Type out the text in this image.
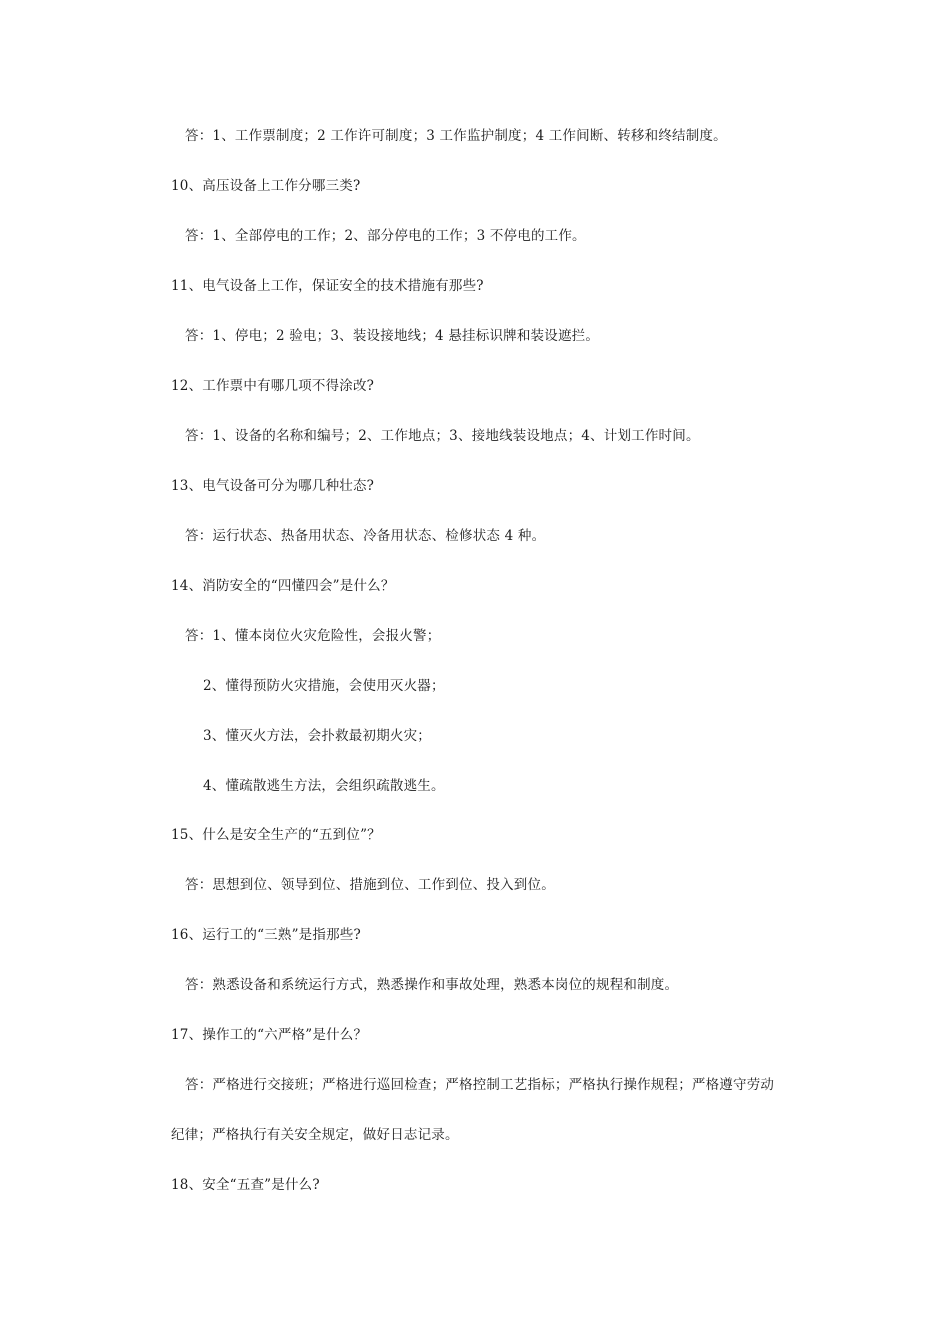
答：1、工作票制度；2 工作许可制度；3 工作监护制度；4 工作间断、转移和终结制度。
10、高压设备上工作分哪三类?
答：1、全部停电的工作；2、部分停电的工作；3 不停电的工作。
11、电气设备上工作，保证安全的技术措施有那些?
答：1、停电；2 验电；3、装设接地线；4 悬挂标识牌和装设遮拦。
12、工作票中有哪几项不得涂改?
答：1、设备的名称和编号；2、工作地点；3、接地线装设地点；4、计划工作时间。
13、电气设备可分为哪几种壮态?
答：运行状态、热备用状态、冷备用状态、检修状态 4 种。
14、消防安全的“四懂四会”是什么？
答：1、懂本岗位火灾危险性，会报火警；
2、懂得预防火灾措施，会使用灭火器；
3、懂灭火方法，会扑救最初期火灾；
4、懂疏散逃生方法，会组织疏散逃生。
15、什么是安全生产的“五到位”？
答：思想到位、领导到位、措施到位、工作到位、投入到位。
16、运行工的“三熟”是指那些?
答：熟悉设备和系统运行方式，熟悉操作和事故处理，熟悉本岗位的规程和制度。
17、操作工的“六严格”是什么？
答：严格进行交接班；严格进行巡回检查；严格控制工艺指标；严格执行操作规程；严格遵守劳动
纪律；严格执行有关安全规定，做好日志记录。
18、安全“五查”是什么?
